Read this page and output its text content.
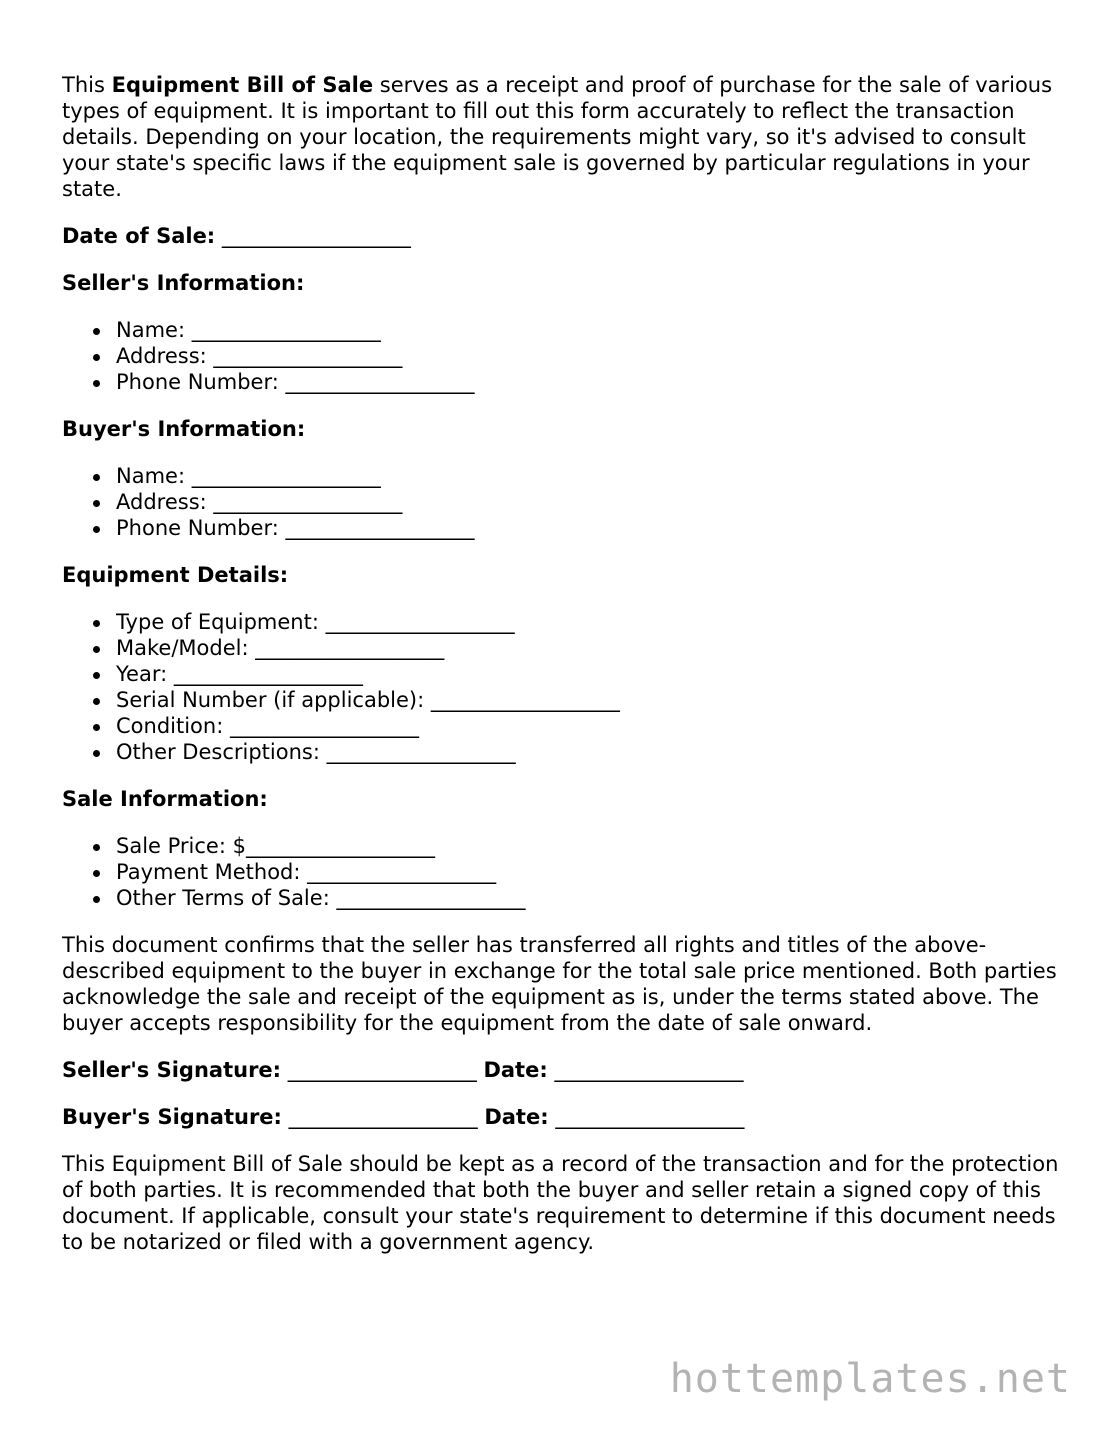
This Equipment Bill of Sale serves as a receipt and proof of purchase for the sale of various types of equipment. It is important to fill out this form accurately to reflect the transaction details. Depending on your location, the requirements might vary, so it's advised to consult your state's specific laws if the equipment sale is governed by particular regulations in your state.

Date of Sale: __________________

Seller's Information:

Name: __________________
Address: __________________
Phone Number: __________________

Buyer's Information:

Name: __________________
Address: __________________
Phone Number: __________________

Equipment Details:

Type of Equipment: __________________
Make/Model: __________________
Year: __________________
Serial Number (if applicable): __________________
Condition: __________________
Other Descriptions: __________________

Sale Information:

Sale Price: $__________________
Payment Method: __________________
Other Terms of Sale: __________________

This document confirms that the seller has transferred all rights and titles of the above-described equipment to the buyer in exchange for the total sale price mentioned. Both parties acknowledge the sale and receipt of the equipment as is, under the terms stated above. The buyer accepts responsibility for the equipment from the date of sale onward.

Seller's Signature: __________________ Date: __________________

Buyer's Signature: __________________ Date: __________________

This Equipment Bill of Sale should be kept as a record of the transaction and for the protection of both parties. It is recommended that both the buyer and seller retain a signed copy of this document. If applicable, consult your state's requirement to determine if this document needs to be notarized or filed with a government agency.

hottemplates.net
